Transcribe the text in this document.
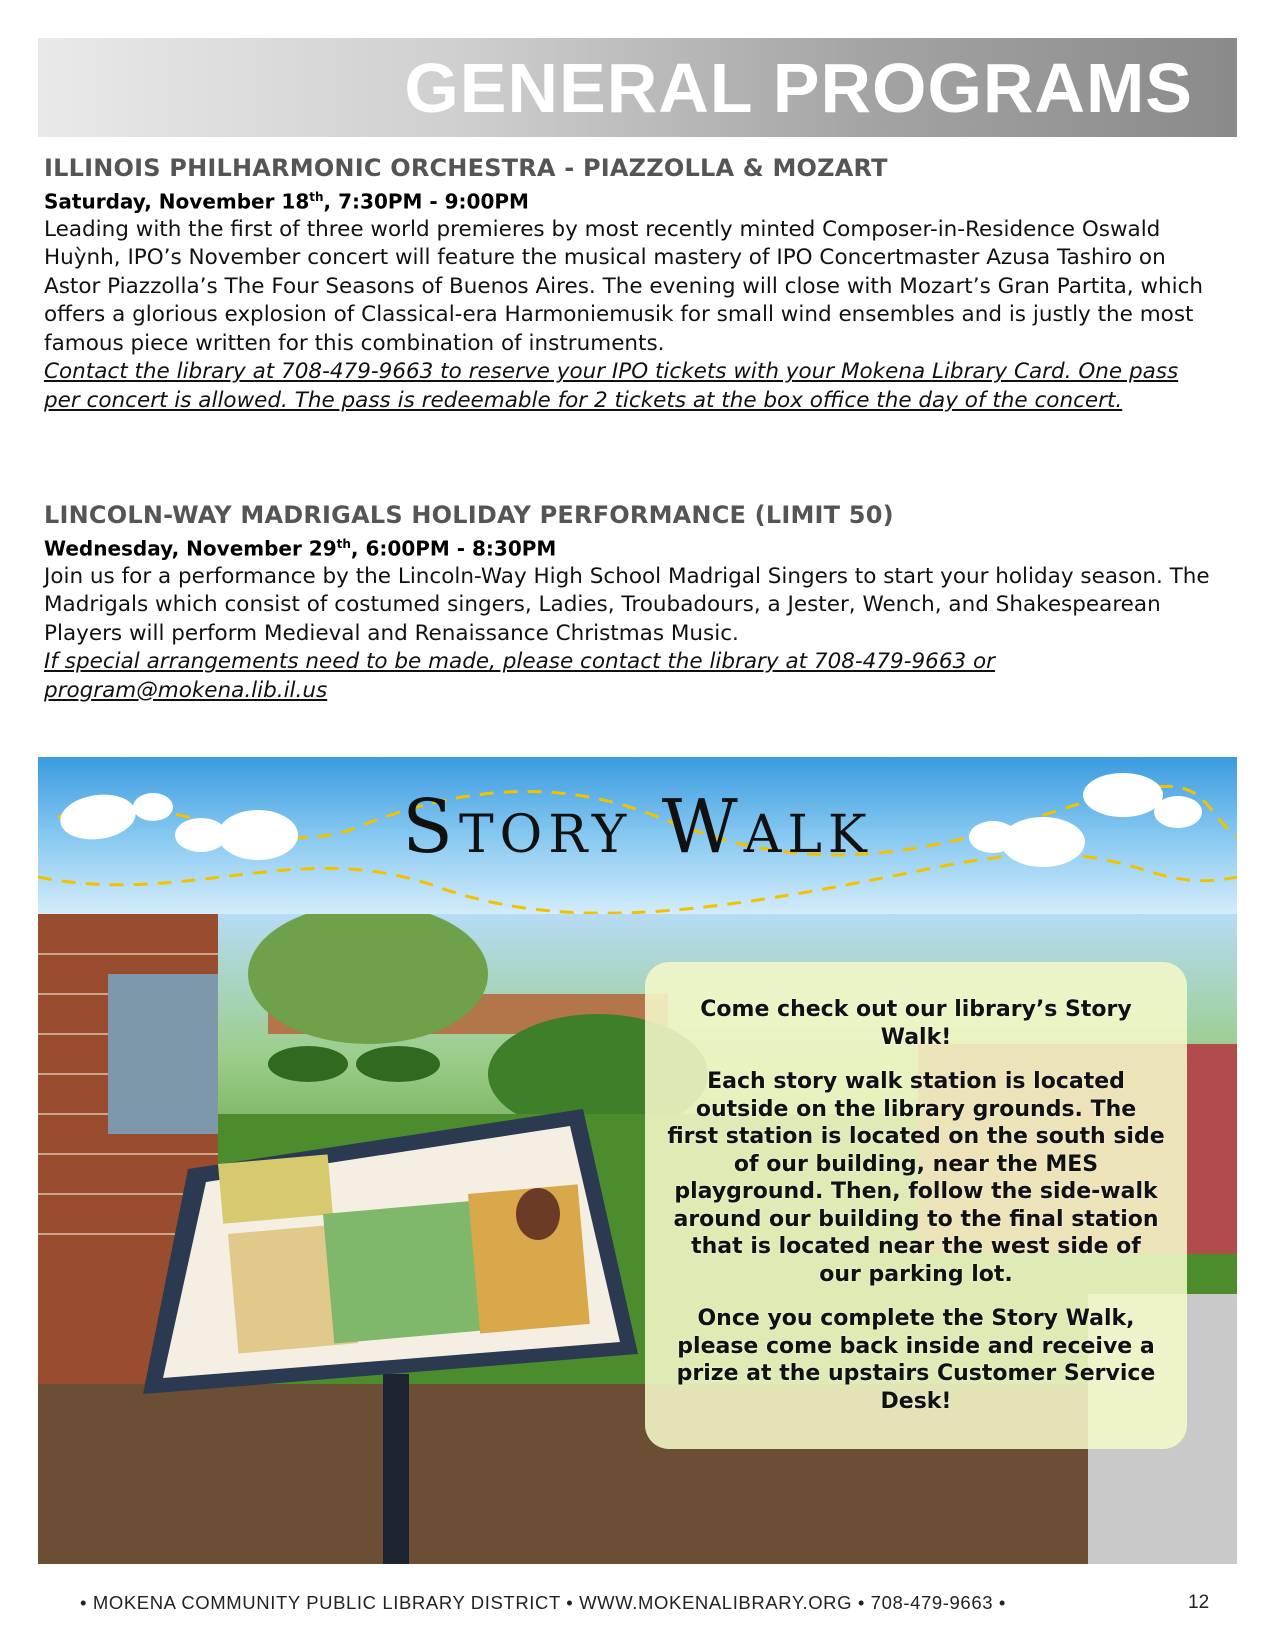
GENERAL PROGRAMS
ILLINOIS PHILHARMONIC ORCHESTRA - PIAZZOLLA & MOZART

Saturday, November 18th, 7:30PM - 9:00PM

Leading with the first of three world premieres by most recently minted Composer-in-Residence Oswald Huỳnh, IPO’s November concert will feature the musical mastery of IPO Concertmaster Azusa Tashiro on Astor Piazzolla’s The Four Seasons of Buenos Aires. The evening will close with Mozart’s Gran Partita, which offers a glorious explosion of Classical-era Harmoniemusik for small wind ensembles and is justly the most famous piece written for this combination of instruments.

Contact the library at 708-479-9663 to reserve your IPO tickets with your Mokena Library Card. One pass per concert is allowed. The pass is redeemable for 2 tickets at the box office the day of the concert.

LINCOLN-WAY MADRIGALS HOLIDAY PERFORMANCE (LIMIT 50)

Wednesday, November 29th, 6:00PM - 8:30PM

Join us for a performance by the Lincoln-Way High School Madrigal Singers to start your holiday season. The Madrigals which consist of costumed singers, Ladies, Troubadours, a Jester, Wench, and Shakespearean Players will perform Medieval and Renaissance Christmas Music.

If special arrangements need to be made, please contact the library at 708-479-9663 or program@mokena.lib.il.us

Story Walk

Come check out our library’s Story Walk!

Each story walk station is located outside on the library grounds. The first station is located on the south side of our building, near the MES playground. Then, follow the side-walk around our building to the final station that is located near the west side of our parking lot.

Once you complete the Story Walk, please come back inside and receive a prize at the upstairs Customer Service Desk!

• MOKENA COMMUNITY PUBLIC LIBRARY DISTRICT • WWW.MOKENALIBRARY.ORG • 708-479-9663 •	12
